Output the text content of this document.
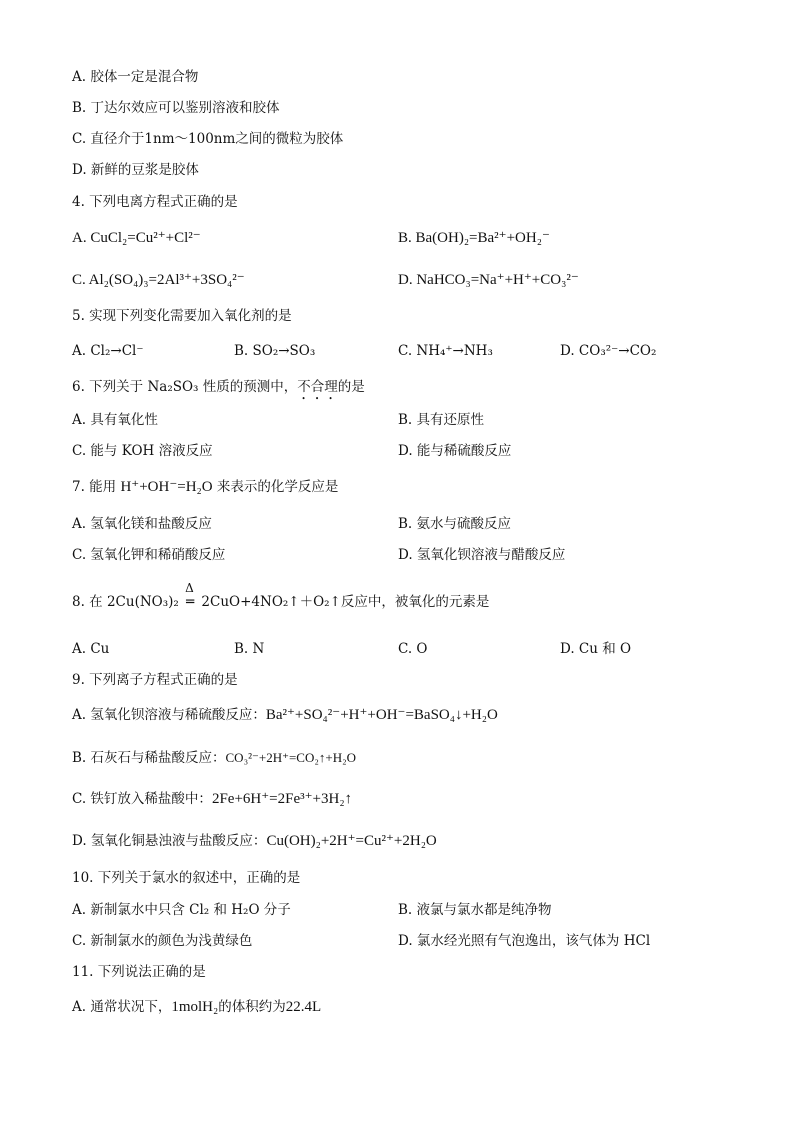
A. 胶体一定是混合物
B. 丁达尔效应可以鉴别溶液和胶体
C. 直径介于1nm～100nm之间的微粒为胶体
D. 新鲜的豆浆是胶体
4. 下列电离方程式正确的是
A. CuCl₂=Cu²⁺+Cl²⁻	B. Ba(OH)₂=Ba²⁺+OH₂⁻
C. Al₂(SO₄)₃=2Al³⁺+3SO₄²⁻	D. NaHCO₃=Na⁺+H⁺+CO₃²⁻
5. 实现下列变化需要加入氧化剂的是
A. Cl₂→Cl⁻	B. SO₂→SO₃	C. NH₄⁺→NH₃	D. CO₃²⁻→CO₂
6. 下列关于 Na₂SO₃ 性质的预测中，不合理的是
A. 具有氧化性	B. 具有还原性
C. 能与 KOH 溶液反应	D. 能与稀硫酸反应
7. 能用 H⁺+OH⁻=H₂O 来表示的化学反应是
A. 氢氧化镁和盐酸反应	B. 氨水与硫酸反应
C. 氢氧化钾和稀硝酸反应	D. 氢氧化钡溶液与醋酸反应
8. 在 2Cu(NO₃)₂
Δ
═ 2CuO+4NO₂↑＋O₂↑反应中，被氧化的元素是
A. Cu	B. N	C. O	D. Cu 和 O
9. 下列离子方程式正确的是
A. 氢氧化钡溶液与稀硫酸反应：Ba²⁺+SO₄²⁻+H⁺+OH⁻=BaSO₄↓+H₂O
B. 石灰石与稀盐酸反应：CO₃²⁻+2H⁺=CO₂↑+H₂O
C. 铁钉放入稀盐酸中：2Fe+6H⁺=2Fe³⁺+3H₂↑
D. 氢氧化铜悬浊液与盐酸反应：Cu(OH)₂+2H⁺=Cu²⁺+2H₂O
10. 下列关于氯水的叙述中，正确的是
A. 新制氯水中只含 Cl₂ 和 H₂O 分子	B. 液氯与氯水都是纯净物
C. 新制氯水的颜色为浅黄绿色	D. 氯水经光照有气泡逸出，该气体为 HCl
11. 下列说法正确的是
A. 通常状况下，1molH₂的体积约为22.4L
